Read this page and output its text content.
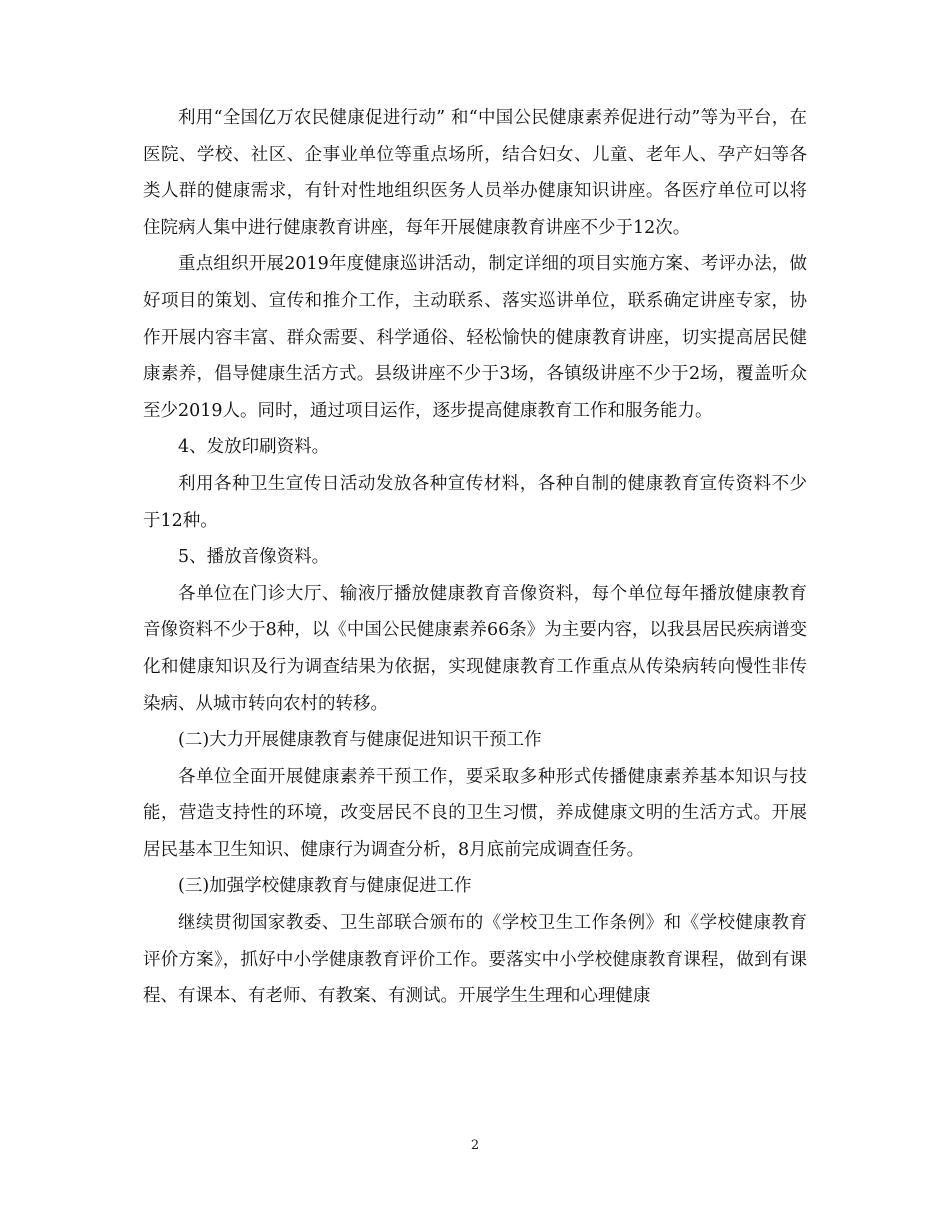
利用“全国亿万农民健康促进行动” 和“中国公民健康素养促进行动”等为平台，在医院、学校、社区、企事业单位等重点场所，结合妇女、儿童、老年人、孕产妇等各类人群的健康需求，有针对性地组织医务人员举办健康知识讲座。各医疗单位可以将住院病人集中进行健康教育讲座，每年开展健康教育讲座不少于12次。

重点组织开展2019年度健康巡讲活动，制定详细的项目实施方案、考评办法，做好项目的策划、宣传和推介工作，主动联系、落实巡讲单位，联系确定讲座专家，协作开展内容丰富、群众需要、科学通俗、轻松愉快的健康教育讲座，切实提高居民健康素养，倡导健康生活方式。县级讲座不少于3场，各镇级讲座不少于2场，覆盖听众至少2019人。同时，通过项目运作，逐步提高健康教育工作和服务能力。

4、发放印刷资料。

利用各种卫生宣传日活动发放各种宣传材料，各种自制的健康教育宣传资料不少于12种。

5、播放音像资料。

各单位在门诊大厅、输液厅播放健康教育音像资料，每个单位每年播放健康教育音像资料不少于8种，以《中国公民健康素养66条》为主要内容，以我县居民疾病谱变化和健康知识及行为调查结果为依据，实现健康教育工作重点从传染病转向慢性非传染病、从城市转向农村的转移。

(二)大力开展健康教育与健康促进知识干预工作

各单位全面开展健康素养干预工作，要采取多种形式传播健康素养基本知识与技能，营造支持性的环境，改变居民不良的卫生习惯，养成健康文明的生活方式。开展居民基本卫生知识、健康行为调查分析，8月底前完成调查任务。

(三)加强学校健康教育与健康促进工作

继续贯彻国家教委、卫生部联合颁布的《学校卫生工作条例》和《学校健康教育评价方案》，抓好中小学健康教育评价工作。要落实中小学校健康教育课程，做到有课程、有课本、有老师、有教案、有测试。开展学生生理和心理健康

2
